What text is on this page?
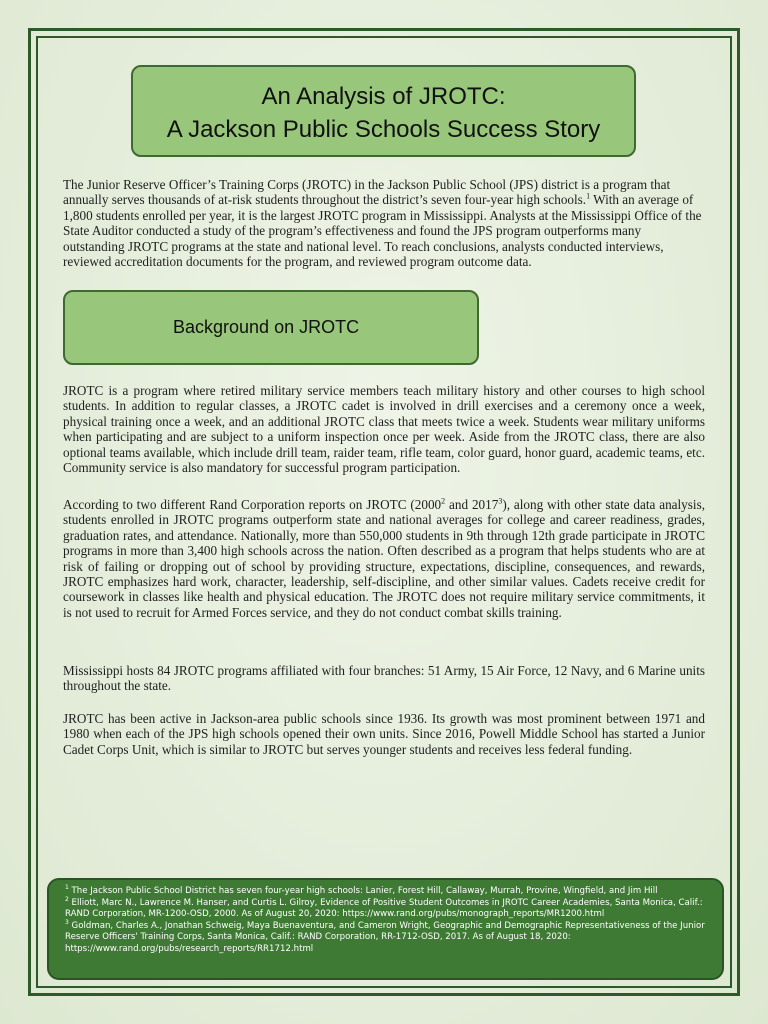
An Analysis of JROTC:
A Jackson Public Schools Success Story

The Junior Reserve Officer’s Training Corps (JROTC) in the Jackson Public School (JPS) district is a program that annually serves thousands of at-risk students throughout the district’s seven four-year high schools.$^1$ With an average of 1,800 students enrolled per year, it is the largest JROTC program in Mississippi. Analysts at the Mississippi Office of the State Auditor conducted a study of the program’s effectiveness and found the JPS program outperforms many outstanding JROTC programs at the state and national level. To reach conclusions, analysts conducted interviews, reviewed accreditation documents for the program, and reviewed program outcome data.

Background on JROTC

JROTC is a program where retired military service members teach military history and other courses to high school students. In addition to regular classes, a JROTC cadet is involved in drill exercises and a ceremony once a week, physical training once a week, and an additional JROTC class that meets twice a week. Students wear military uniforms when participating and are subject to a uniform inspection once per week. Aside from the JROTC class, there are also optional teams available, which include drill team, raider team, rifle team, color guard, honor guard, academic teams, etc. Community service is also mandatory for successful program participation.

According to two different Rand Corporation reports on JROTC (2000$^2$ and 2017$^3$), along with other state data analysis, students enrolled in JROTC programs outperform state and national averages for college and career readiness, grades, graduation rates, and attendance. Nationally, more than 550,000 students in 9th through 12th grade participate in JROTC programs in more than 3,400 high schools across the nation. Often described as a program that helps students who are at risk of failing or dropping out of school by providing structure, expectations, discipline, consequences, and rewards, JROTC emphasizes hard work, character, leadership, self-discipline, and other similar values. Cadets receive credit for coursework in classes like health and physical education. The JROTC does not require military service commitments, it is not used to recruit for Armed Forces service, and they do not conduct combat skills training.

Mississippi hosts 84 JROTC programs affiliated with four branches: 51 Army, 15 Air Force, 12 Navy, and 6 Marine units throughout the state.

JROTC has been active in Jackson-area public schools since 1936. Its growth was most prominent between 1971 and 1980 when each of the JPS high schools opened their own units. Since 2016, Powell Middle School has started a Junior Cadet Corps Unit, which is similar to JROTC but serves younger students and receives less federal funding.

$^1$ The Jackson Public School District has seven four-year high schools: Lanier, Forest Hill, Callaway, Murrah, Provine, Wingfield, and Jim Hill

$^2$ Elliott, Marc N., Lawrence M. Hanser, and Curtis L. Gilroy, Evidence of Positive Student Outcomes in JROTC Career Academies, Santa Monica, Calif.: RAND Corporation, MR-1200-OSD, 2000. As of August 20, 2020: https://www.rand.org/pubs/monograph_reports/MR1200.html

$^3$ Goldman, Charles A., Jonathan Schweig, Maya Buenaventura, and Cameron Wright, Geographic and Demographic Representativeness of the Junior Reserve Officers' Training Corps, Santa Monica, Calif.: RAND Corporation, RR-1712-OSD, 2017. As of August 18, 2020: https://www.rand.org/pubs/research_reports/RR1712.html
